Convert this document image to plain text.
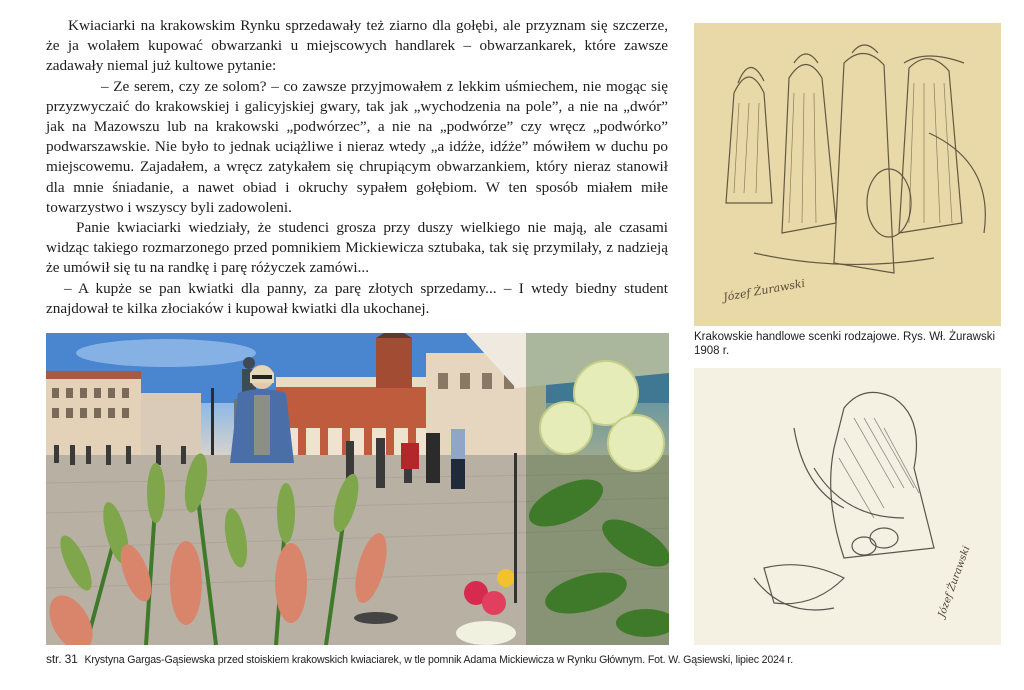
Kwiaciarki na krakowskim Rynku sprzedawały też ziarno dla gołębi, ale przyznam się szczerze, że ja wolałem kupować obwarzanki u miejscowych handlarek – obwarzankarek, które zawsze zadawały niemal już kultowe pytanie:

– Ze serem, czy ze solom? – co zawsze przyjmowałem z lekkim uśmiechem, nie mogąc się przyzwyczaić do krakowskiej i galicyjskiej gwary, tak jak „wychodzenia na pole”, a nie na „dwór” jak na Mazowszu lub na krakowski „podwórzec”, a nie na „podwórze” czy wręcz „podwórko” podwarszawskie. Nie było to jednak uciążliwe i nieraz wtedy „a idźże, idźże” mówiłem w duchu po miejscowemu. Zajadałem, a wręcz zatykałem się chrupiącym obwarzankiem, który nieraz stanowił dla mnie śniadanie, a nawet obiad i okruchy sypałem gołębiom. W ten sposób miałem miłe towarzystwo i wszyscy byli zadowoleni.

Panie kwiaciarki wiedziały, że studenci grosza przy duszy wielkiego nie mają, ale czasami widząc takiego rozmarzonego przed pomnikiem Mickiewicza sztubaka, tak się przymilały, z nadzieją że umówił się tu na randkę i parę różyczek zamówi...

– A kupże se pan kwiatki dla panny, za parę złotych sprzedamy... – I wtedy biedny student znajdował te kilka złociaków i kupował kwiatki dla ukochanej.

Józef Żurawski
Krakowskie handlowe scenki rodzajowe. Rys. Wł. Żurawski 1908 r.
Józef Żurawski
str. 31 Krystyna Gargas-Gąsiewska przed stoiskiem krakowskich kwiaciarek, w tle pomnik Adama Mickiewicza w Rynku Głównym. Fot. W. Gąsiewski, lipiec 2024 r.
